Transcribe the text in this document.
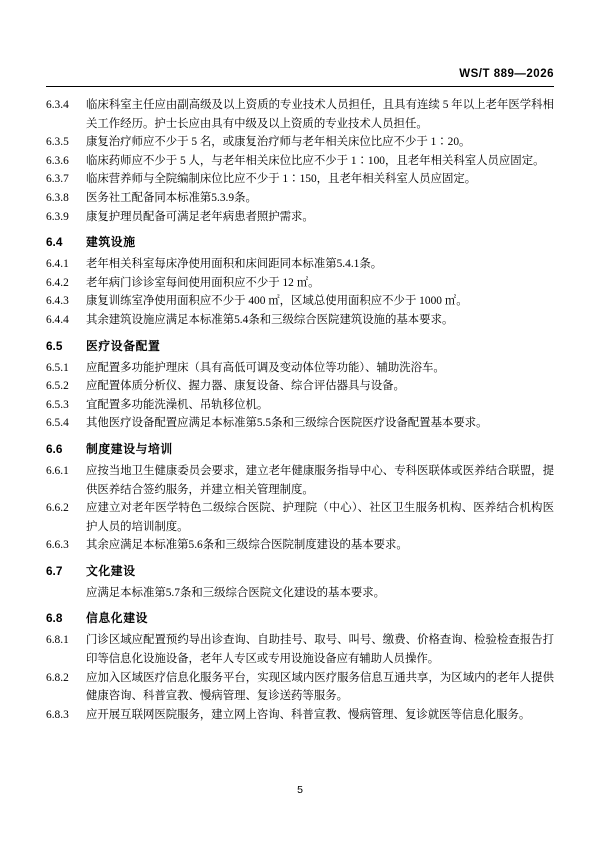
WS/T 889—2026
6.3.4	临床科室主任应由副高级及以上资质的专业技术人员担任，且具有连续 5 年以上老年医学科相关工作经历。护士长应由具有中级及以上资质的专业技术人员担任。
6.3.5	康复治疗师应不少于 5 名，或康复治疗师与老年相关床位比应不少于 1∶20。
6.3.6	临床药师应不少于 5 人，与老年相关床位比应不少于 1∶100，且老年相关科室人员应固定。
6.3.7	临床营养师与全院编制床位比应不少于 1∶150，且老年相关科室人员应固定。
6.3.8	医务社工配备同本标准第5.3.9条。
6.3.9	康复护理员配备可满足老年病患者照护需求。
6.4	建筑设施
6.4.1	老年相关科室每床净使用面积和床间距同本标准第5.4.1条。
6.4.2	老年病门诊诊室每间使用面积应不少于 12 ㎡。
6.4.3	康复训练室净使用面积应不少于 400 ㎡，区域总使用面积应不少于 1000 ㎡。
6.4.4	其余建筑设施应满足本标准第5.4条和三级综合医院建筑设施的基本要求。
6.5	医疗设备配置
6.5.1	应配置多功能护理床（具有高低可调及变动体位等功能）、辅助洗浴车。
6.5.2	应配置体质分析仪、握力器、康复设备、综合评估器具与设备。
6.5.3	宜配置多功能洗澡机、吊轨移位机。
6.5.4	其他医疗设备配置应满足本标准第5.5条和三级综合医院医疗设备配置基本要求。
6.6	制度建设与培训
6.6.1	应按当地卫生健康委员会要求，建立老年健康服务指导中心、专科医联体或医养结合联盟，提供医养结合签约服务，并建立相关管理制度。
6.6.2	应建立对老年医学特色二级综合医院、护理院（中心）、社区卫生服务机构、医养结合机构医护人员的培训制度。
6.6.3	其余应满足本标准第5.6条和三级综合医院制度建设的基本要求。
6.7	文化建设
应满足本标准第5.7条和三级综合医院文化建设的基本要求。
6.8	信息化建设
6.8.1	门诊区域应配置预约导出诊查询、自助挂号、取号、叫号、缴费、价格查询、检验检查报告打印等信息化设施设备，老年人专区或专用设施设备应有辅助人员操作。
6.8.2	应加入区域医疗信息化服务平台，实现区域内医疗服务信息互通共享，为区域内的老年人提供健康咨询、科普宣教、慢病管理、复诊送药等服务。
6.8.3	应开展互联网医院服务，建立网上咨询、科普宣教、慢病管理、复诊就医等信息化服务。
5
